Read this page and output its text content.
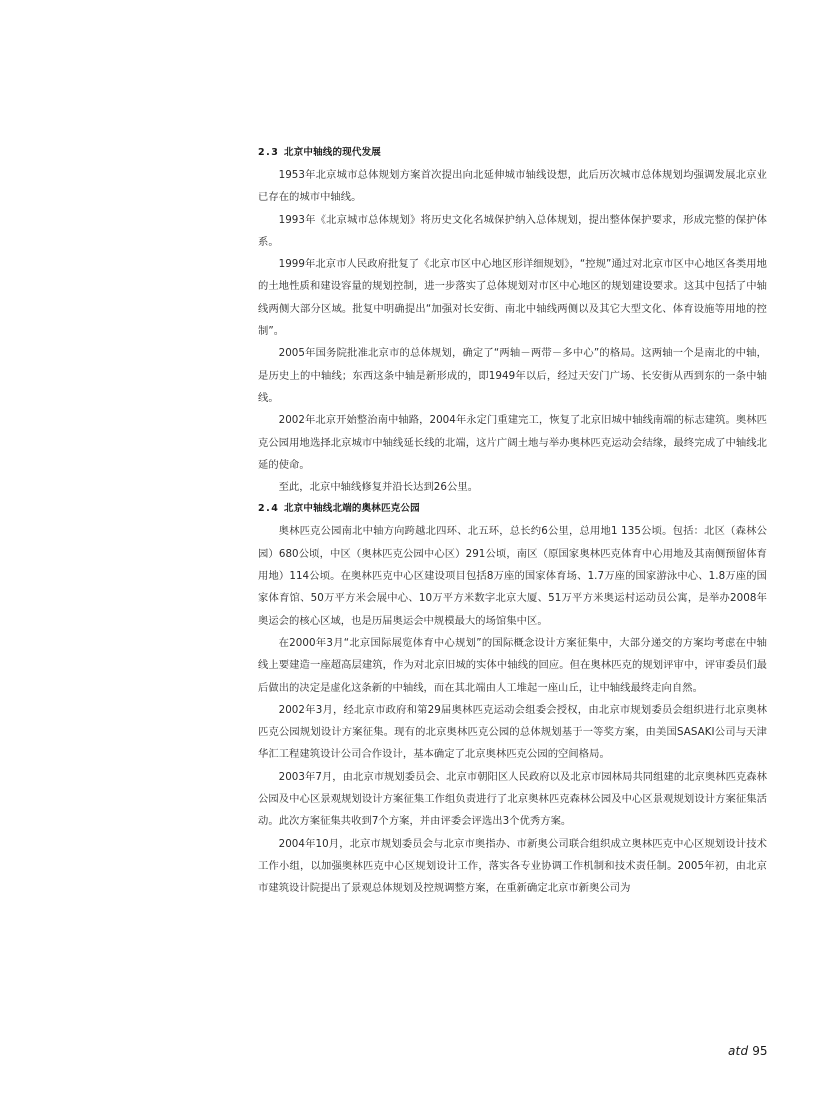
2.3 北京中轴线的现代发展

1953年北京城市总体规划方案首次提出向北延伸城市轴线设想，此后历次城市总体规划均强调发展北京业已存在的城市中轴线。

1993年《北京城市总体规划》将历史文化名城保护纳入总体规划，提出整体保护要求，形成完整的保护体系。

1999年北京市人民政府批复了《北京市区中心地区形详细规划》，“控规”通过对北京市区中心地区各类用地的土地性质和建设容量的规划控制，进一步落实了总体规划对市区中心地区的规划建设要求。这其中包括了中轴线两侧大部分区域。批复中明确提出“加强对长安街、南北中轴线两侧以及其它大型文化、体育设施等用地的控制”。

2005年国务院批准北京市的总体规划，确定了“两轴－两带－多中心”的格局。这两轴一个是南北的中轴，是历史上的中轴线；东西这条中轴是新形成的，即1949年以后，经过天安门广场、长安街从西到东的一条中轴线。

2002年北京开始整治南中轴路，2004年永定门重建完工，恢复了北京旧城中轴线南端的标志建筑。奥林匹克公园用地选择北京城市中轴线延长线的北端，这片广阔土地与举办奥林匹克运动会结缘，最终完成了中轴线北延的使命。

至此，北京中轴线修复并沿长达到26公里。

2.4 北京中轴线北端的奥林匹克公园

奥林匹克公园南北中轴方向跨越北四环、北五环，总长约6公里，总用地1 135公顷。包括：北区（森林公园）680公顷，中区（奥林匹克公园中心区）291公顷，南区（原国家奥林匹克体育中心用地及其南侧预留体育用地）114公顷。在奥林匹克中心区建设项目包括8万座的国家体育场、1.7万座的国家游泳中心、1.8万座的国家体育馆、50万平方米会展中心、10万平方米数字北京大厦、51万平方米奥运村运动员公寓，是举办2008年奥运会的核心区域，也是历届奥运会中规模最大的场馆集中区。

在2000年3月“北京国际展览体育中心规划”的国际概念设计方案征集中，大部分递交的方案均考虑在中轴线上要建造一座超高层建筑，作为对北京旧城的实体中轴线的回应。但在奥林匹克的规划评审中，评审委员们最后做出的决定是虚化这条新的中轴线，而在其北端由人工堆起一座山丘，让中轴线最终走向自然。

2002年3月，经北京市政府和第29届奥林匹克运动会组委会授权，由北京市规划委员会组织进行北京奥林匹克公园规划设计方案征集。现有的北京奥林匹克公园的总体规划基于一等奖方案，由美国SASAKI公司与天津华汇工程建筑设计公司合作设计，基本确定了北京奥林匹克公园的空间格局。

2003年7月，由北京市规划委员会、北京市朝阳区人民政府以及北京市园林局共同组建的北京奥林匹克森林公园及中心区景观规划设计方案征集工作组负责进行了北京奥林匹克森林公园及中心区景观规划设计方案征集活动。此次方案征集共收到7个方案，并由评委会评选出3个优秀方案。

2004年10月，北京市规划委员会与北京市奥指办、市新奥公司联合组织成立奥林匹克中心区规划设计技术工作小组，以加强奥林匹克中心区规划设计工作，落实各专业协调工作机制和技术责任制。2005年初，由北京市建筑设计院提出了景观总体规划及控规调整方案，在重新确定北京市新奥公司为

atd 95
